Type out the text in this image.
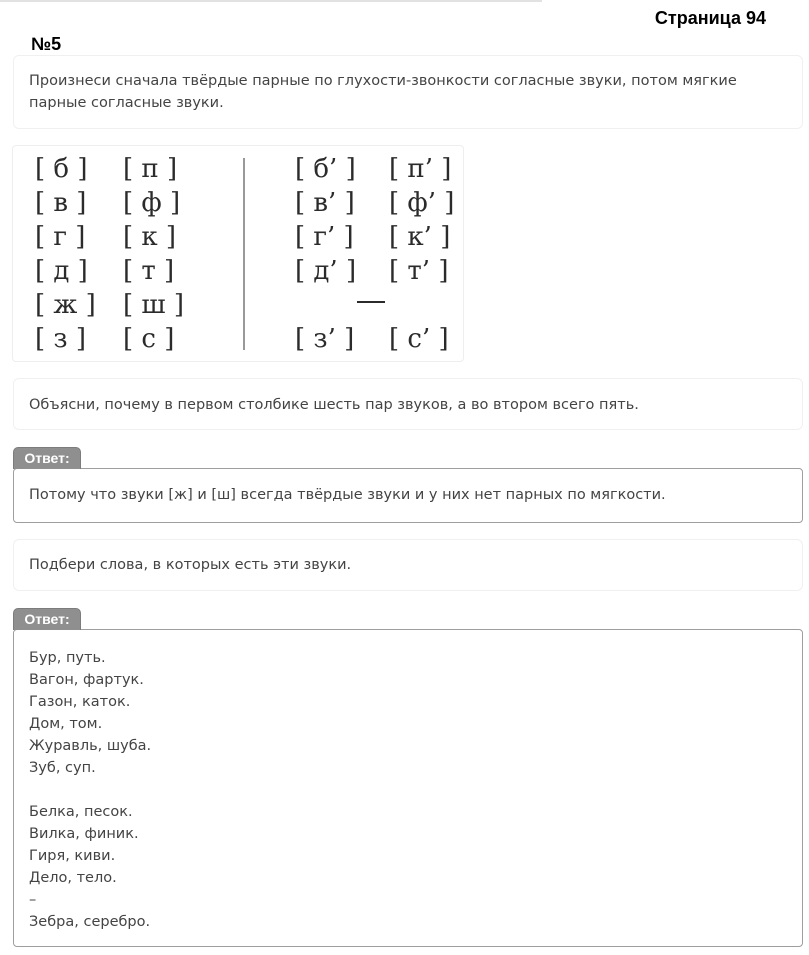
Страница 94
№5

Произнеси сначала твёрдые парные по глухости-звонкости согласные звуки, потом мягкие парные согласные звуки.

[ б ] [ п ]
[ в ] [ ф ]
[ г ] [ к ]
[ д ] [ т ]
[ ж ] [ ш ]
[ з ] [ с ]
[ б’ ] [ п’ ]
[ в’ ] [ ф’ ]
[ г’ ] [ к’ ]
[ д’ ] [ т’ ]
[ з’ ] [ с’ ]

Объясни, почему в первом столбике шесть пар звуков, а во втором всего пять.

Ответ:
Потому что звуки [ж] и [ш] всегда твёрдые звуки и у них нет парных по мягкости.

Подбери слова, в которых есть эти звуки.

Ответ:
Бур, путь.
Вагон, фартук.
Газон, каток.
Дом, том.
Журавль, шуба.
Зуб, суп.
Белка, песок.
Вилка, финик.
Гиря, киви.
Дело, тело.
–
Зебра, серебро.
